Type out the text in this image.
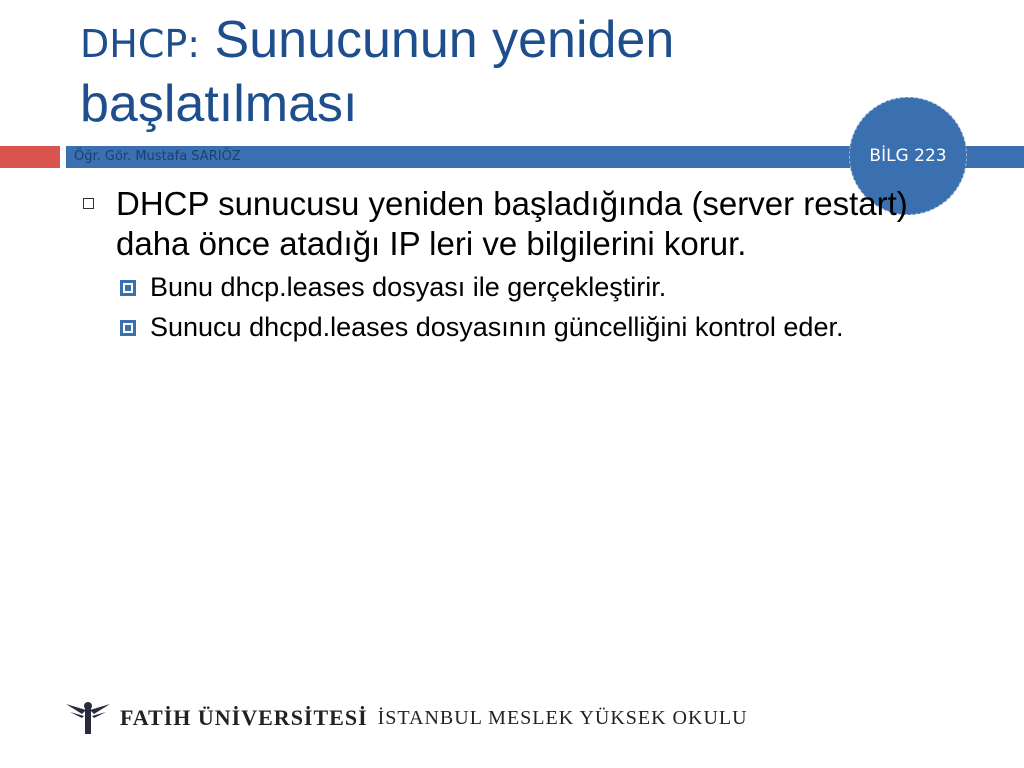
DHCP: Sunucunun yeniden başlatılması
Öğr. Gör. Mustafa SARIÖZ	BİLG 223
DHCP sunucusu yeniden başladığında (server restart) daha önce atadığı IP leri ve bilgilerini korur.
Bunu dhcp.leases dosyası ile gerçekleştirir.
Sunucu dhcpd.leases dosyasının güncelliğini kontrol eder.
FATİH ÜNİVERSİTESİ İSTANBUL MESLEK YÜKSEK OKULU
